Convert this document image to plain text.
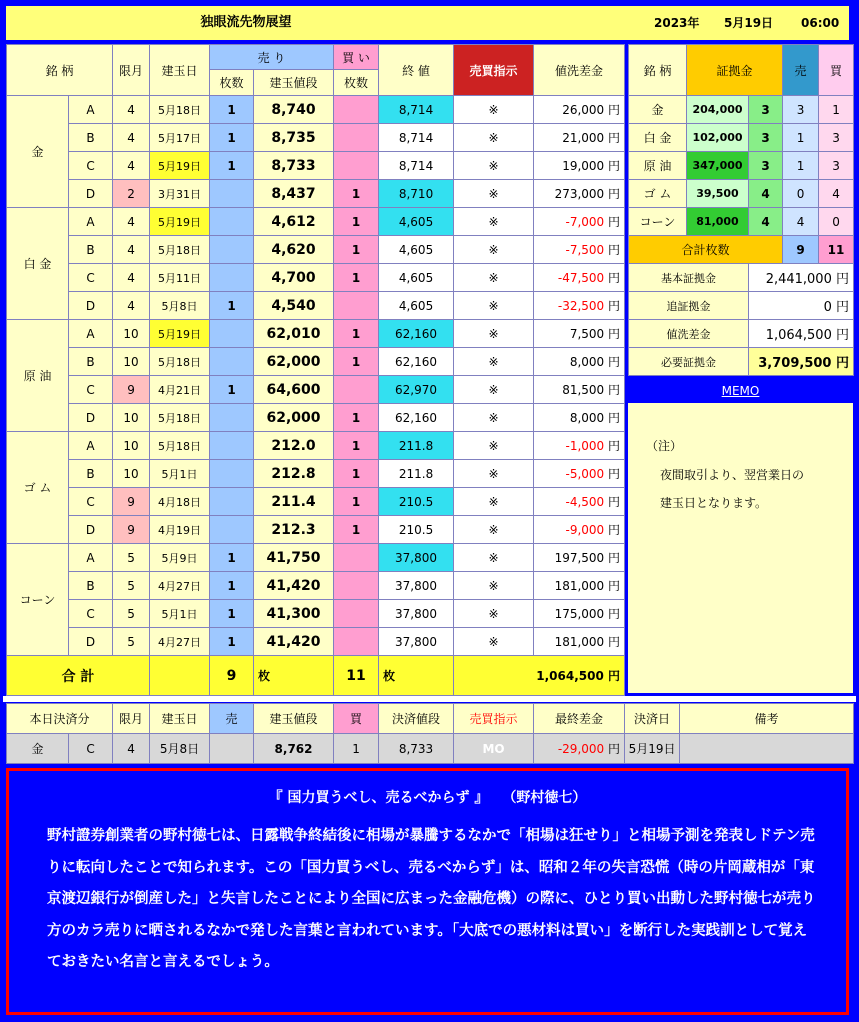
独眼流先物展望	2023年 5月19日 06:00
銘 柄		限月	建玉日	売 り		買 い	終 値	売買指示	値洗差金
				枚数	建玉値段	枚数			
金	A	4	5月18日	1	8,740		8,714	※	26,000 円
	B	4	5月17日	1	8,735		8,714	※	21,000 円
	C	4	5月19日	1	8,733		8,714	※	19,000 円
	D	2	3月31日		8,437	1	8,710	※	273,000 円
白 金	A	4	5月19日		4,612	1	4,605	※	-7,000 円
	B	4	5月18日		4,620	1	4,605	※	-7,500 円
	C	4	5月11日		4,700	1	4,605	※	-47,500 円
	D	4	5月8日	1	4,540		4,605	※	-32,500 円
原 油	A	10	5月19日		62,010	1	62,160	※	7,500 円
	B	10	5月18日		62,000	1	62,160	※	8,000 円
	C	9	4月21日	1	64,600		62,970	※	81,500 円
	D	10	5月18日		62,000	1	62,160	※	8,000 円
ゴ ム	A	10	5月18日		212.0	1	211.8	※	-1,000 円
	B	10	5月1日		212.8	1	211.8	※	-5,000 円
	C	9	4月18日		211.4	1	210.5	※	-4,500 円
	D	9	4月19日		212.3	1	210.5	※	-9,000 円
コーン	A	5	5月9日	1	41,750		37,800	※	197,500 円
	B	5	4月27日	1	41,420		37,800	※	181,000 円
	C	5	5月1日	1	41,300		37,800	※	175,000 円
	D	5	4月27日	1	41,420		37,800	※	181,000 円
合 計				9	枚	11	枚	1,064,500 円	
銘 柄	証拠金		売	買
金	204,000	3	3	1
白 金	102,000	3	1	3
原 油	347,000	3	1	3
ゴ ム	39,500	4	0	4
コーン	81,000	4	4	0
合計枚数			9	11
基本証拠金		2,441,000 円		
追証拠金		0 円		
値洗差金		1,064,500 円		
必要証拠金		3,709,500 円		
MEMO
（注）
夜間取引より、翌営業日の
建玉日となります。
本日決済分		限月	建玉日	売	建玉値段	買	決済値段	売買指示	最終差金	決済日	備考
金	C	4	5月8日		8,762	1	8,733	MO	-29,000 円	5月19日	
『 国力買うべし、売るべからず 』　　（野村徳七）
野村證券創業者の野村徳七は、日露戦争終結後に相場が暴騰するなかで「相場は狂せり」と相場予測を発表しドテン売りに転向したことで知られます。この「国力買うべし、売るべからず」は、昭和２年の失言恐慌（時の片岡蔵相が「東京渡辺銀行が倒産した」と失言したことにより全国に広まった金融危機）の際に、ひとり買い出動した野村徳七が売り方のカラ売りに晒されるなかで発した言葉と言われています。「大底での悪材料は買い」を断行した実践訓として覚えておきたい名言と言えるでしょう。
